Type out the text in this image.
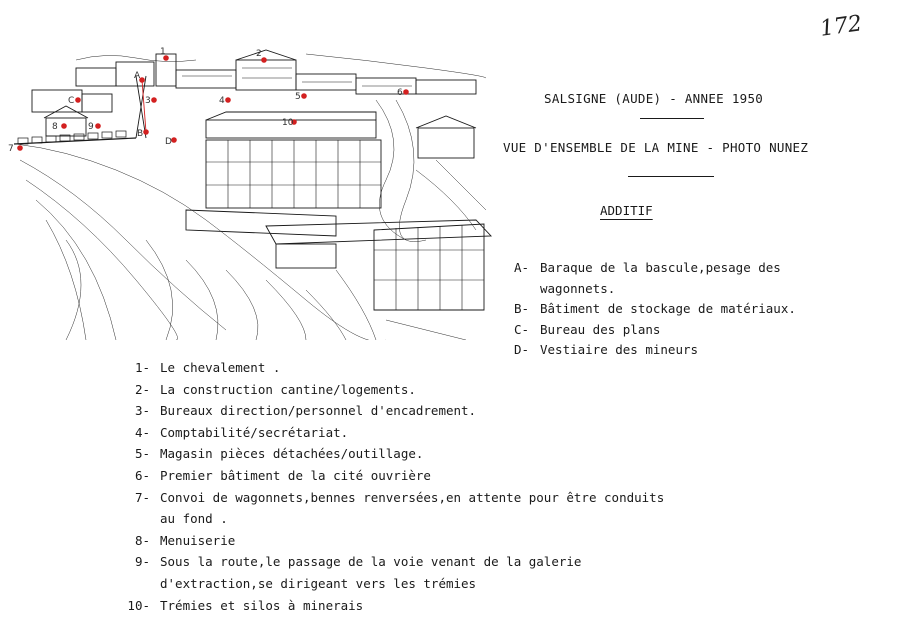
172
1	2
3	4	5	6
7
8	9	10
A
B
C
D
SALSIGNE (AUDE) - ANNEE 1950
VUE D'ENSEMBLE DE LA MINE - PHOTO NUNEZ
ADDITIF
A- Baraque de la bascule,pesage des
wagonnets.
B- Bâtiment de stockage de matériaux.
C- Bureau des plans
D- Vestiaire des mineurs
1- Le chevalement .
2- La construction cantine/logements.
3- Bureaux direction/personnel d'encadrement.
4- Comptabilité/secrétariat.
5- Magasin pièces détachées/outillage.
6- Premier bâtiment de la cité ouvrière
7- Convoi de wagonnets,bennes renversées,en attente pour être conduits
au fond .
8- Menuiserie
9- Sous la route,le passage de la voie venant de la galerie
d'extraction,se dirigeant vers les trémies
10- Trémies et silos à minerais
